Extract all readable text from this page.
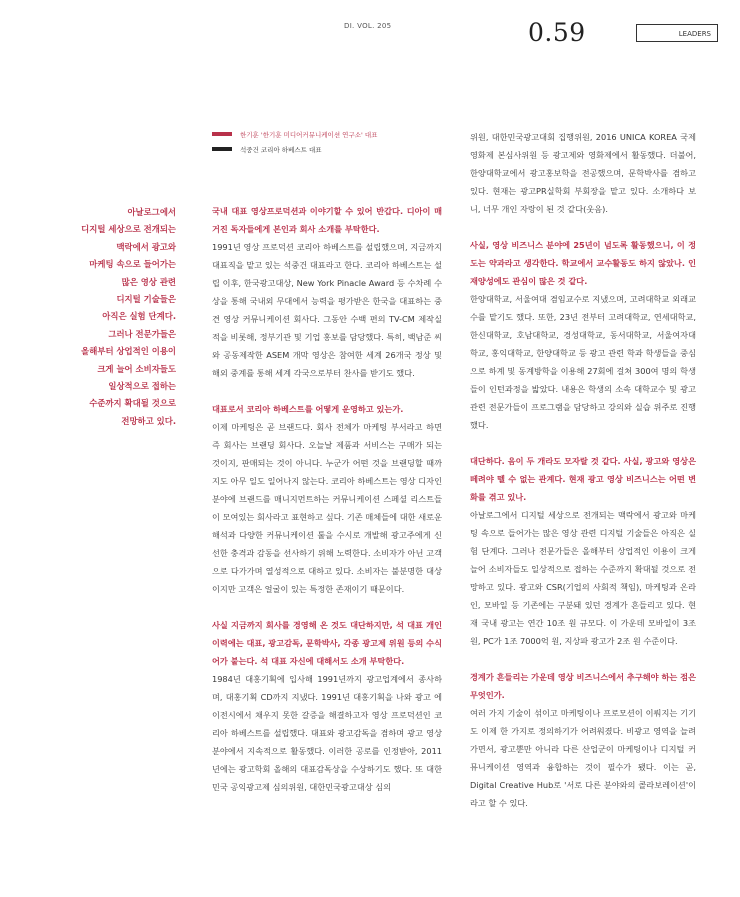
DI. VOL. 205	0.59	LEADERS
한기훈 '한기훈 미디어커뮤니케이션 연구소' 대표
석중건 코리아 하베스트 대표
아날로그에서
디지털 세상으로 전개되는
맥락에서 광고와
마케팅 속으로 들어가는
많은 영상 관련
디지털 기술들은
아직은 실험 단계다.
그러나 전문가들은
올해부터 상업적인 이용이
크게 늘어 소비자들도
일상적으로 접하는
수준까지 확대될 것으로
전망하고 있다.

국내 대표 영상프로덕션과 이야기할 수 있어 반갑다. 디아이 매거진 독자들에게 본인과 회사 소개를 부탁한다.

1991년 영상 프로덕션 코리아 하베스트를 설립했으며, 지금까지 대표직을 맡고 있는 석중건 대표라고 한다. 코리아 하베스트는 설립 이후, 한국광고대상, New York Pinacle Award 등 수차례 수상을 통해 국내외 무대에서 능력을 평가받은 한국을 대표하는 중견 영상 커뮤니케이션 회사다. 그동안 수백 편의 TV-CM 제작실적을 비롯해, 정부기관 및 기업 홍보를 담당했다. 특히, 백남준 씨와 공동제작한 ASEM 개막 영상은 참여한 세계 26개국 정상 및 해외 중계를 통해 세계 각국으로부터 찬사를 받기도 했다.

대표로서 코리아 하베스트를 어떻게 운영하고 있는가.

이제 마케팅은 곧 브랜드다. 회사 전체가 마케팅 부서라고 하면 즉 회사는 브랜딩 회사다. 오늘날 제품과 서비스는 구매가 되는 것이지, 판매되는 것이 아니다. 누군가 어떤 것을 브랜딩할 때까지도 아무 일도 일어나지 않는다. 코리아 하베스트는 영상 디자인 분야에 브랜드를 매니지먼트하는 커뮤니케이션 스페셜 리스트들이 모여있는 회사라고 표현하고 싶다. 기존 매체들에 대한 새로운 해석과 다양한 커뮤니케이션 툴을 수시로 개발해 광고주에게 신선한 충격과 감동을 선사하기 위해 노력한다. 소비자가 아닌 고객으로 다가가며 열성적으로 대하고 있다. 소비자는 불분명한 대상이지만 고객은 얼굴이 있는 특정한 존재이기 때문이다.

사실 지금까지 회사를 경영해 온 것도 대단하지만, 석 대표 개인 이력에는 대표, 광고감독, 문학박사, 각종 광고제 위원 등의 수식어가 붙는다. 석 대표 자신에 대해서도 소개 부탁한다.

1984년 대홍기획에 입사해 1991년까지 광고업계에서 종사하며, 대홍기획 CD까지 지냈다. 1991년 대홍기획을 나와 광고 에이전시에서 채우지 못한 갈증을 해결하고자 영상 프로덕션인 코리아 하베스트를 설립했다. 대표와 광고감독을 겸하며 광고 영상 분야에서 지속적으로 활동했다. 이러한 공로를 인정받아, 2011년에는 광고학회 올해의 대표감독상을 수상하기도 했다. 또 대한민국 공익광고제 심의위원, 대한민국광고대상 심의

위원, 대한민국광고대회 집행위원, 2016 UNICA KOREA 국제영화제 본심사위원 등 광고제와 영화제에서 활동했다. 더불어, 한양대학교에서 광고홍보학을 전공했으며, 문학박사를 겸하고 있다. 현재는 광고PR실학회 부회장을 맡고 있다. 소개하다 보니, 너무 개인 자랑이 된 것 같다(웃음).

사실, 영상 비즈니스 분야에 25년이 넘도록 활동했으니, 이 정도는 약과라고 생각한다. 학교에서 교수활동도 하지 않았나. 인재양성에도 관심이 많은 것 같다.

한양대학교, 서울여대 겸임교수로 지냈으며, 고려대학교 외래교수를 맡기도 했다. 또한, 23년 전부터 고려대학교, 연세대학교, 한신대학교, 호남대학교, 경성대학교, 동서대학교, 서울여자대학교, 홍익대학교, 한양대학교 등 광고 관련 학과 학생들을 중심으로 하계 및 동계방학을 이용해 27회에 걸쳐 300여 명의 학생들이 인턴과정을 밟았다. 내용은 학생의 소속 대학교수 및 광고 관련 전문가들이 프로그램을 담당하고 강의와 실습 위주로 진행했다.

대단하다. 음이 두 개라도 모자랄 것 같다. 사실, 광고와 영상은 떼려야 뗄 수 없는 관계다. 현재 광고 영상 비즈니스는 어떤 변화를 겪고 있나.

아날로그에서 디지털 세상으로 전개되는 맥락에서 광고와 마케팅 속으로 들어가는 많은 영상 관련 디지털 기술들은 아직은 실험 단계다. 그러나 전문가들은 올해부터 상업적인 이용이 크게 늘어 소비자들도 일상적으로 접하는 수준까지 확대될 것으로 전망하고 있다. 광고와 CSR(기업의 사회적 책임), 마케팅과 온라인, 모바일 등 기존에는 구분돼 있던 경계가 흔들리고 있다. 현재 국내 광고는 연간 10조 원 규모다. 이 가운데 모바일이 3조 원, PC가 1조 7000억 원, 지상파 광고가 2조 원 수준이다.

경계가 흔들리는 가운데 영상 비즈니스에서 추구해야 하는 점은 무엇인가.

여러 가지 기술이 섞이고 마케팅이나 프로모션이 이뤄지는 기기도 이제 한 가지로 정의하기가 어려워졌다. 비광고 영역을 늘려가면서, 광고뿐만 아니라 다른 산업군이 마케팅이나 디지털 커뮤니케이션 영역과 융합하는 것이 필수가 됐다. 이는 곧, Digital Creative Hub로 '서로 다른 분야와의 콜라보레이션'이라고 할 수 있다.
